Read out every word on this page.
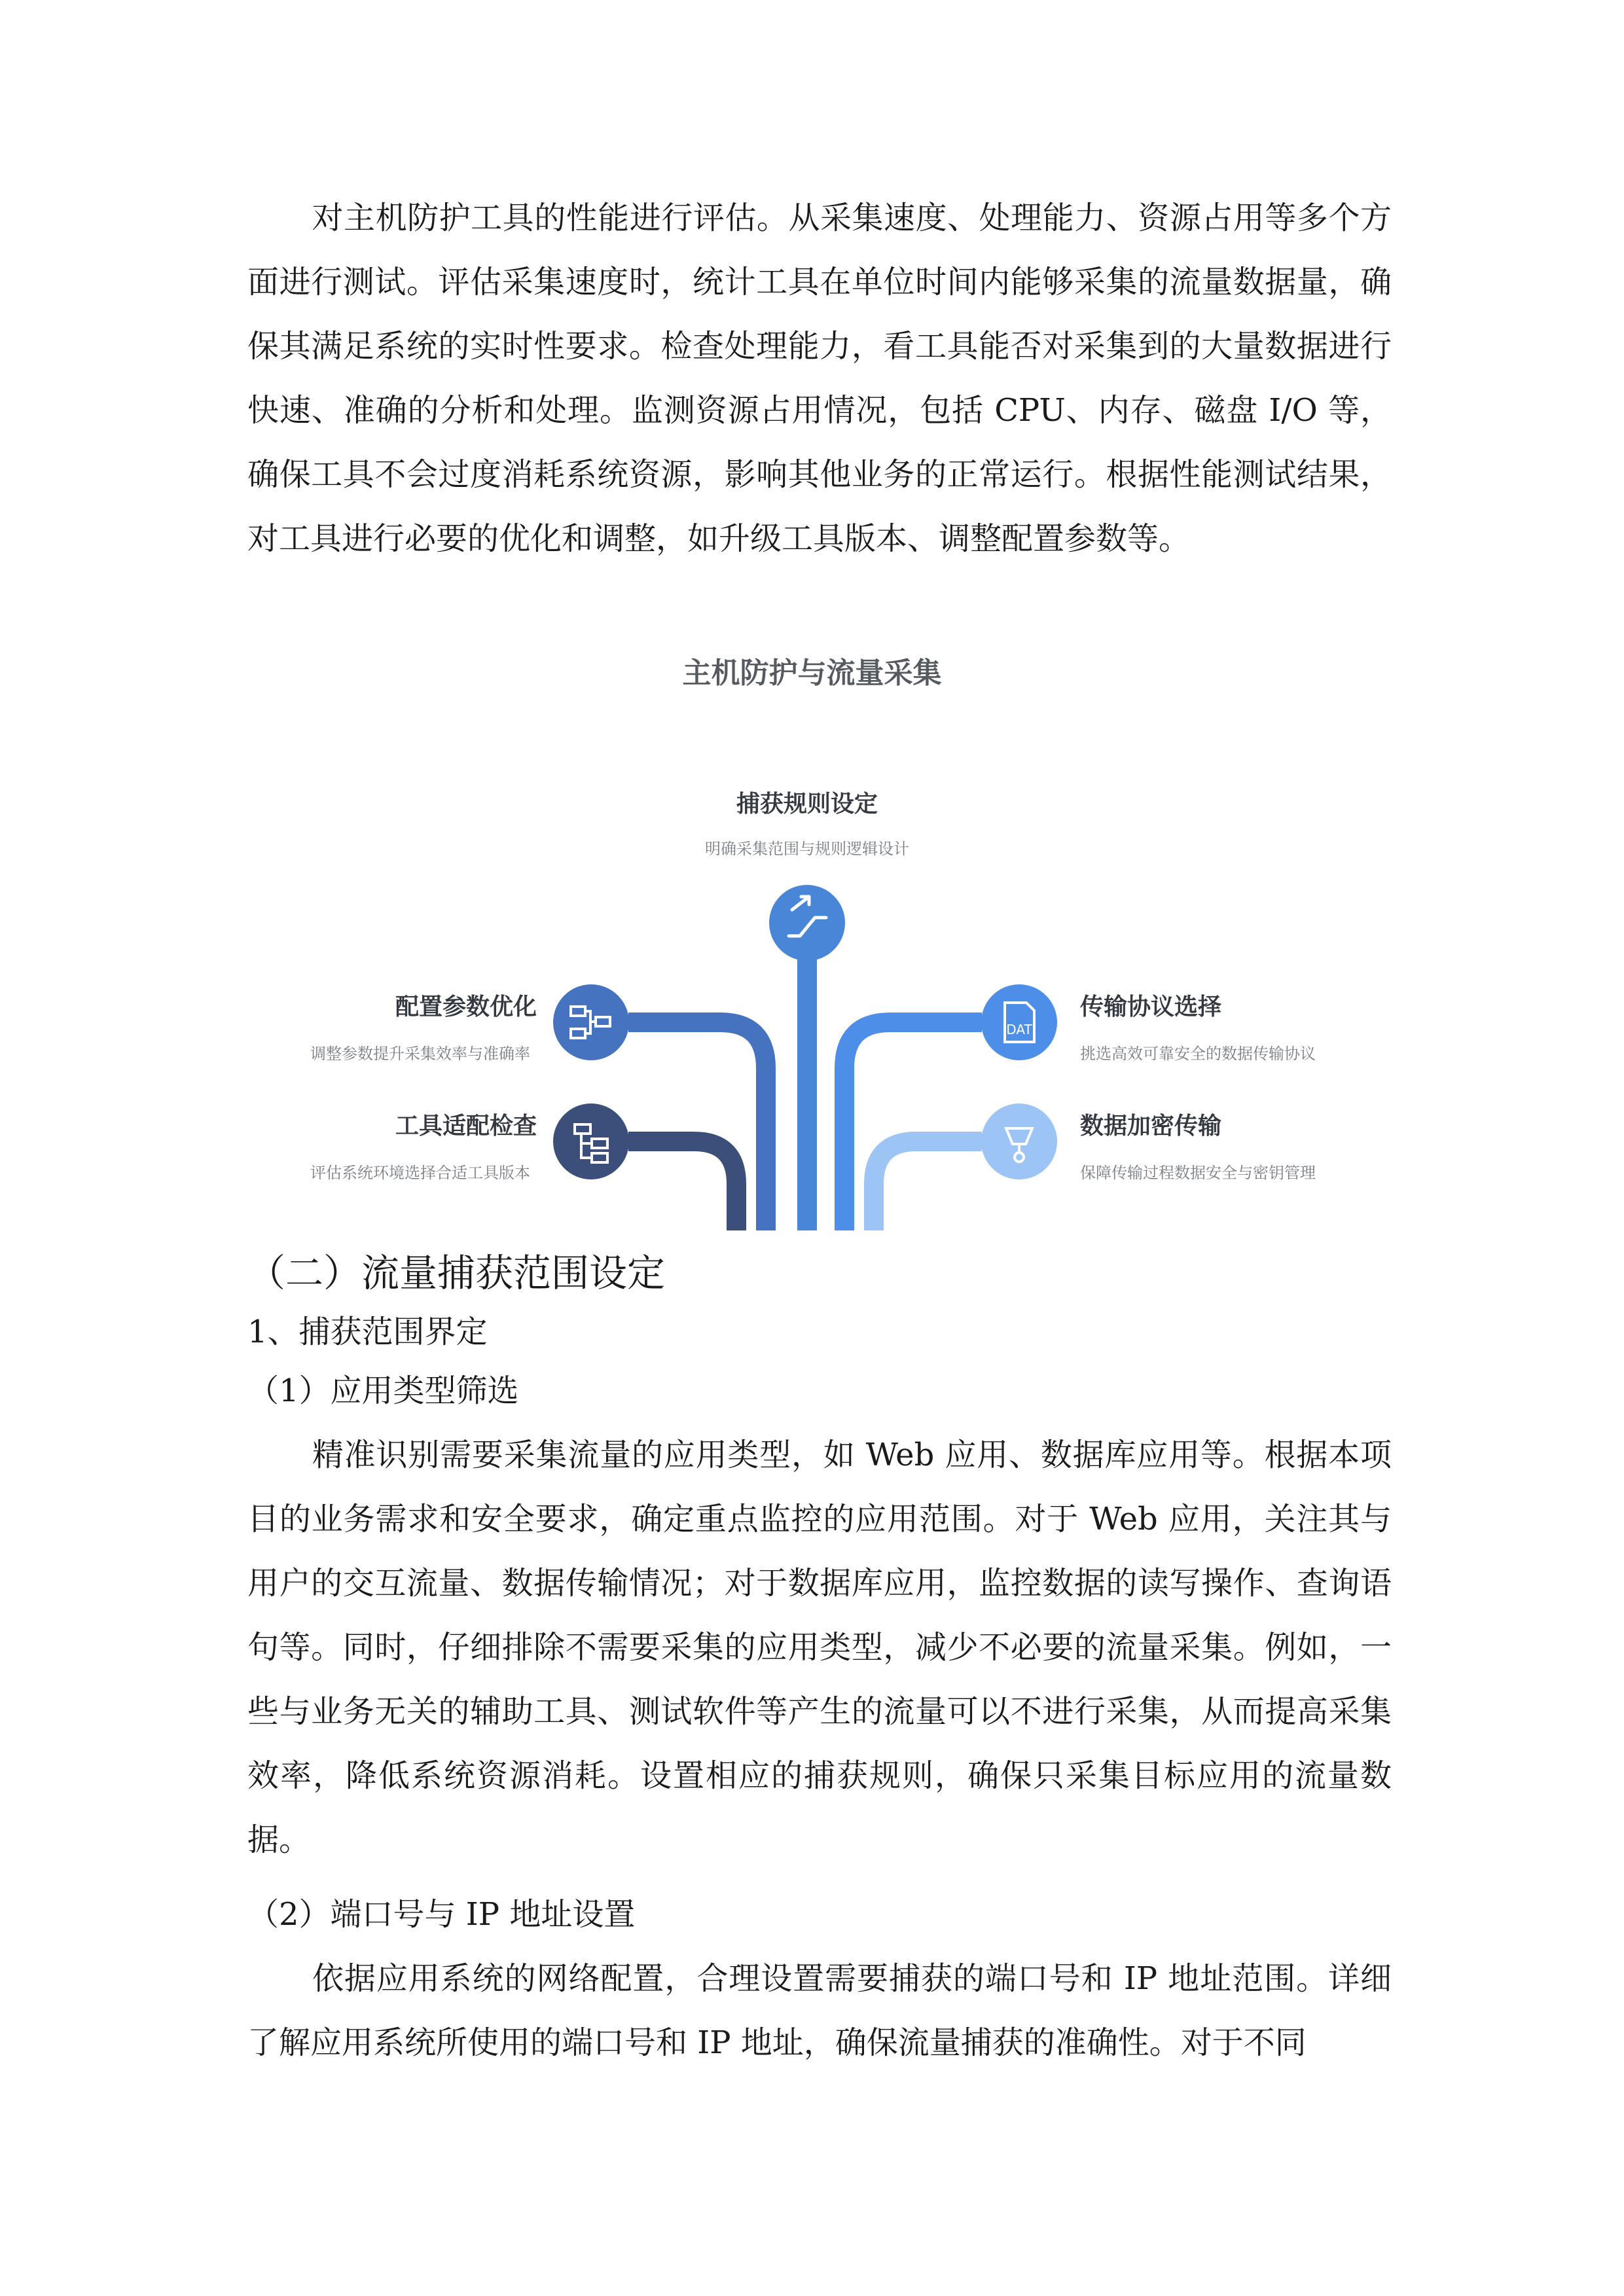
对主机防护工具的性能进行评估。从采集速度、处理能力、资源占用等多个方面进行测试。评估采集速度时，统计工具在单位时间内能够采集的流量数据量，确保其满足系统的实时性要求。检查处理能力，看工具能否对采集到的大量数据进行快速、准确的分析和处理。监测资源占用情况，包括 CPU、内存、磁盘 I/O 等，确保工具不会过度消耗系统资源，影响其他业务的正常运行。根据性能测试结果，对工具进行必要的优化和调整，如升级工具版本、调整配置参数等。

主机防护与流量采集

捕获规则设定
明确采集范围与规则逻辑设计
配置参数优化
调整参数提升采集效率与准确率
工具适配检查
评估系统环境选择合适工具版本
DAT
传输协议选择
挑选高效可靠安全的数据传输协议
数据加密传输
保障传输过程数据安全与密钥管理

（二）流量捕获范围设定

1、捕获范围界定

（1）应用类型筛选

精准识别需要采集流量的应用类型，如 Web 应用、数据库应用等。根据本项目的业务需求和安全要求，确定重点监控的应用范围。对于 Web 应用，关注其与用户的交互流量、数据传输情况；对于数据库应用，监控数据的读写操作、查询语句等。同时，仔细排除不需要采集的应用类型，减少不必要的流量采集。例如，一些与业务无关的辅助工具、测试软件等产生的流量可以不进行采集，从而提高采集效率，降低系统资源消耗。设置相应的捕获规则，确保只采集目标应用的流量数据。

（2）端口号与 IP 地址设置

依据应用系统的网络配置，合理设置需要捕获的端口号和 IP 地址范围。详细了解应用系统所使用的端口号和 IP 地址，确保流量捕获的准确性。对于不同
